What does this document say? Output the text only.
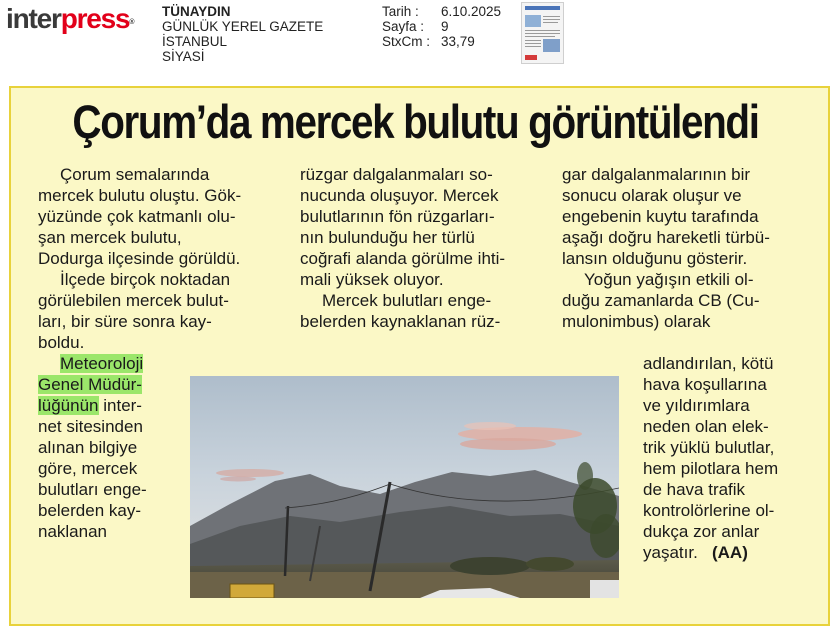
interpress®
TÜNAYDIN
GÜNLÜK YEREL GAZETE
İSTANBUL
SİYASİ
Tarih :	6.10.2025
Sayfa :	9
StxCm : 33,79
Çorum’da mercek bulutu görüntülendi
Çorum semalarında
mercek bulutu oluştu. Gök-
yüzünde çok katmanlı olu-
şan mercek bulutu,
Dodurga ilçesinde görüldü.
İlçede birçok noktadan
görülebilen mercek bulut-
ları, bir süre sonra kay-
boldu.
Meteoroloji
Genel Müdür-
lüğünün inter-
net sitesinden
alınan bilgiye
göre, mercek
bulutları enge-
belerden kay-
naklanan
rüzgar dalgalanmaları so-
nucunda oluşuyor. Mercek
bulutlarının fön rüzgarları-
nın bulunduğu her türlü
coğrafi alanda görülme ihti-
mali yüksek oluyor.
Mercek bulutları enge-
belerden kaynaklanan rüz-
gar dalgalanmalarının bir
sonucu olarak oluşur ve
engebenin kuytu tarafında
aşağı doğru hareketli türbü-
lansın olduğunu gösterir.
Yoğun yağışın etkili ol-
duğu zamanlarda CB (Cu-
mulonimbus) olarak
adlandırılan, kötü
hava koşullarına
ve yıldırımlara
neden olan elek-
trik yüklü bulutlar,
hem pilotlara hem
de hava trafik
kontrolörlerine ol-
dukça zor anlar
yaşatır. (AA)
